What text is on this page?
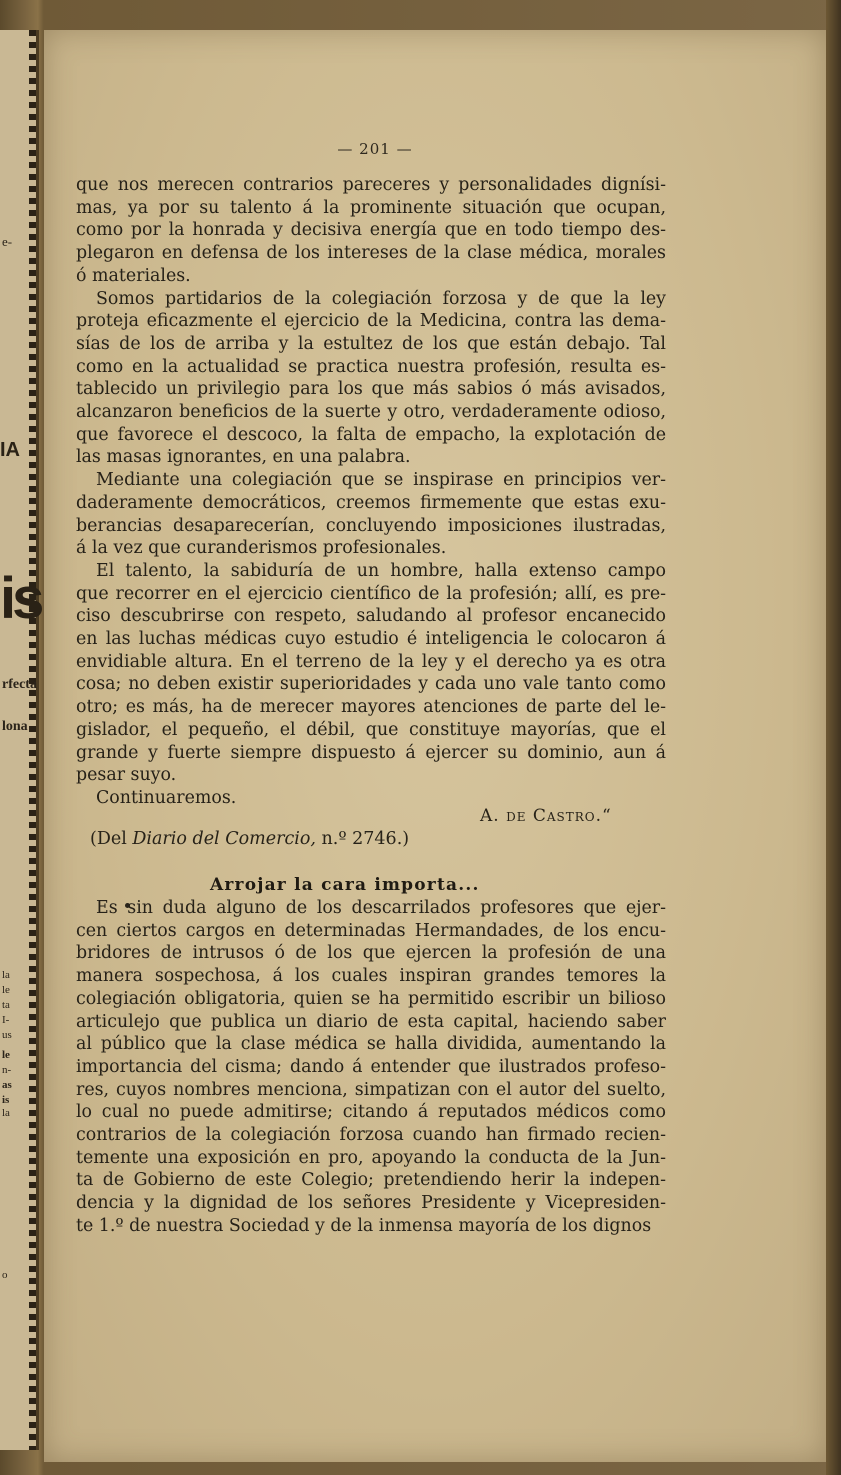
e-
IA
is
rfecta
lona
la
le
ta
I-
us
le
n-
as
is
la
o
— 201 —

que nos merecen contrarios pareceres y personalidades dignísi-

mas, ya por su talento á la prominente situación que ocupan,

como por la honrada y decisiva energía que en todo tiempo des-

plegaron en defensa de los intereses de la clase médica, morales

ó materiales.

Somos partidarios de la colegiación forzosa y de que la ley

proteja eficazmente el ejercicio de la Medicina, contra las dema-

sías de los de arriba y la estultez de los que están debajo. Tal

como en la actualidad se practica nuestra profesión, resulta es-

tablecido un privilegio para los que más sabios ó más avisados,

alcanzaron beneficios de la suerte y otro, verdaderamente odioso,

que favorece el descoco, la falta de empacho, la explotación de

las masas ignorantes, en una palabra.

Mediante una colegiación que se inspirase en principios ver-

daderamente democráticos, creemos firmemente que estas exu-

berancias desaparecerían, concluyendo imposiciones ilustradas,

á la vez que curanderismos profesionales.

El talento, la sabiduría de un hombre, halla extenso campo

que recorrer en el ejercicio científico de la profesión; allí, es pre-

ciso descubrirse con respeto, saludando al profesor encanecido

en las luchas médicas cuyo estudio é inteligencia le colocaron á

envidiable altura. En el terreno de la ley y el derecho ya es otra

cosa; no deben existir superioridades y cada uno vale tanto como

otro; es más, ha de merecer mayores atenciones de parte del le-

gislador, el pequeño, el débil, que constituye mayorías, que el

grande y fuerte siempre dispuesto á ejercer su dominio, aun á

pesar suyo.

Continuaremos.

A. de Castro.“
(Del Diario del Comercio, n.º 2746.)
Arrojar la cara importa...

Es sin duda alguno de los descarrilados profesores que ejer-

cen ciertos cargos en determinadas Hermandades, de los encu-

bridores de intrusos ó de los que ejercen la profesión de una

manera sospechosa, á los cuales inspiran grandes temores la

colegiación obligatoria, quien se ha permitido escribir un bilioso

articulejo que publica un diario de esta capital, haciendo saber

al público que la clase médica se halla dividida, aumentando la

importancia del cisma; dando á entender que ilustrados profeso-

res, cuyos nombres menciona, simpatizan con el autor del suelto,

lo cual no puede admitirse; citando á reputados médicos como

contrarios de la colegiación forzosa cuando han firmado recien-

temente una exposición en pro, apoyando la conducta de la Jun-

ta de Gobierno de este Colegio; pretendiendo herir la indepen-

dencia y la dignidad de los señores Presidente y Vicepresiden-

te 1.º de nuestra Sociedad y de la inmensa mayoría de los dignos
